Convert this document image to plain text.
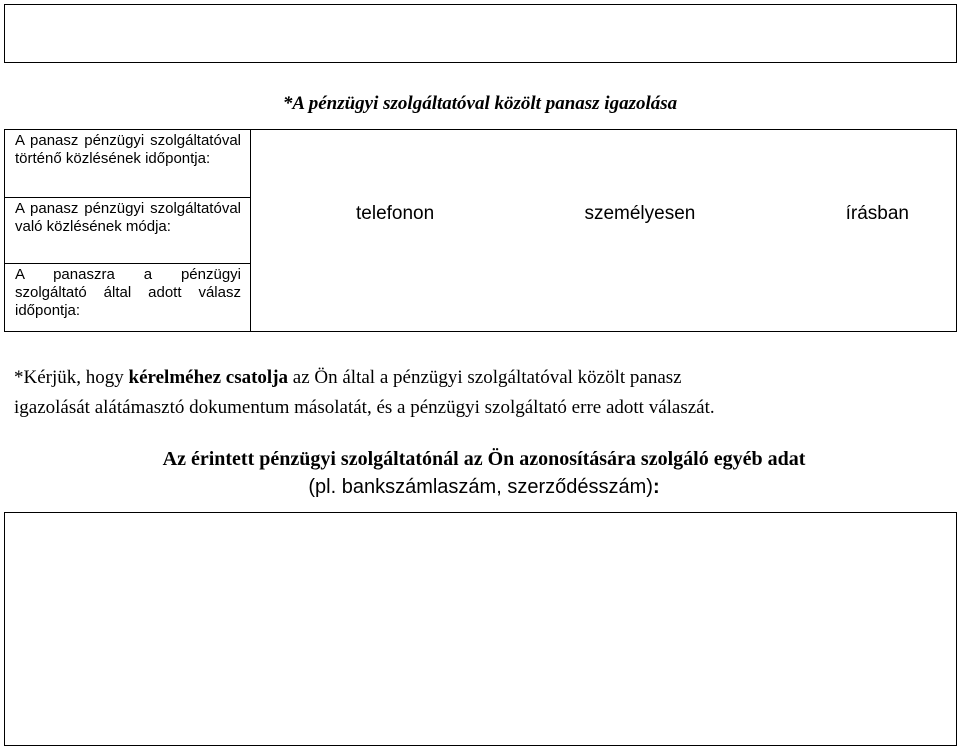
*A pénzügyi szolgáltatóval közölt panasz igazolása
A panasz pénzügyi szolgáltatóval történő közlésének időpontja:

telefonon	személyesen	írásban

A panasz pénzügyi szolgáltatóval való közlésének módja:

A panaszra a pénzügyi szolgáltató által adott válasz időpontja:
*Kérjük, hogy kérelméhez csatolja az Ön által a pénzügyi szolgáltatóval közölt panasz
igazolását alátámasztó dokumentum másolatát, és a pénzügyi szolgáltató erre adott válaszát.
Az érintett pénzügyi szolgáltatónál az Ön azonosítására szolgáló egyéb adat
(pl. bankszámlaszám, szerződésszám):
